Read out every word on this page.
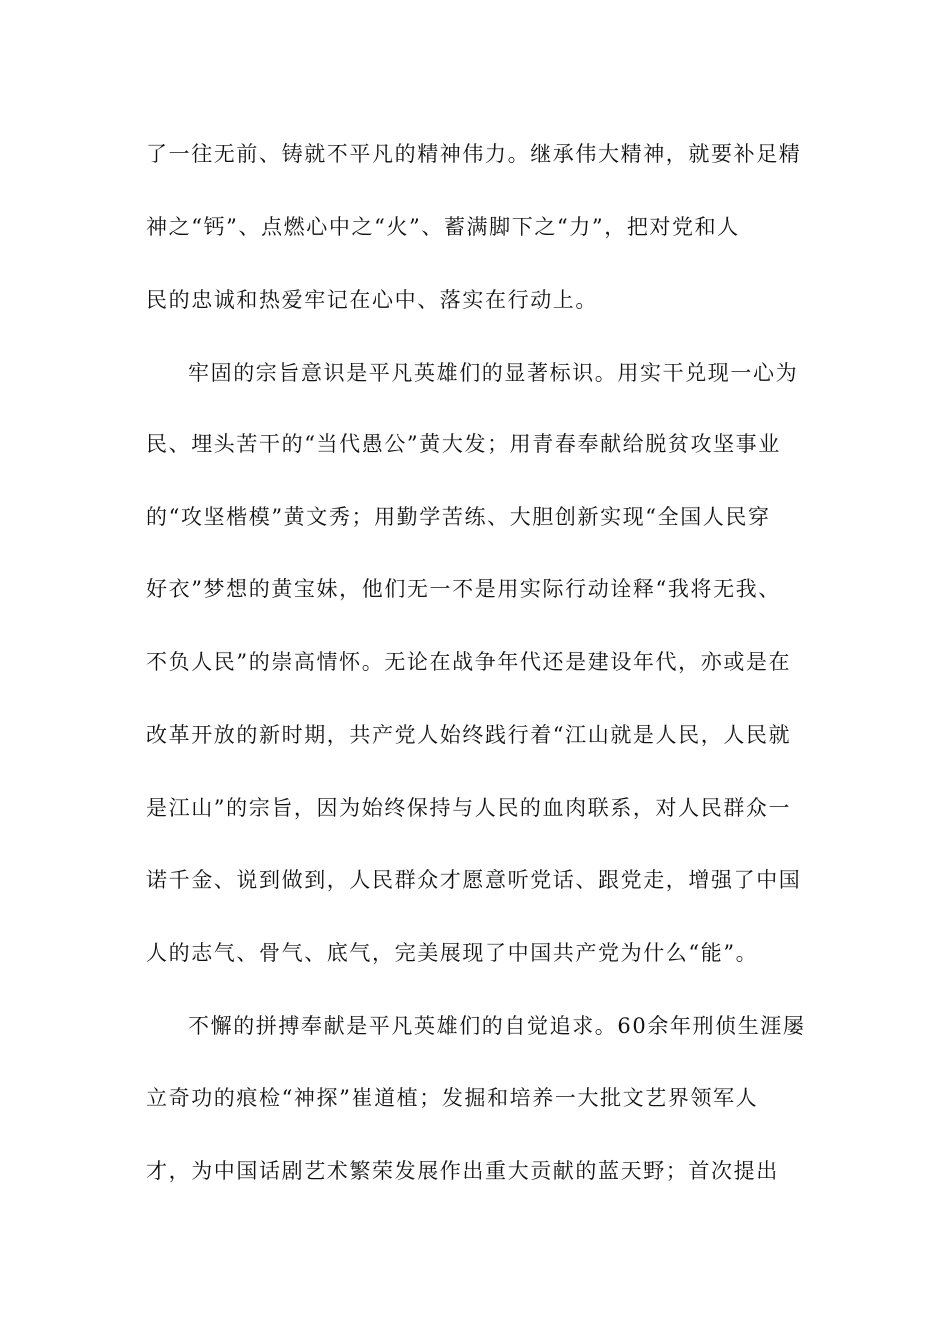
了一往无前、铸就不平凡的精神伟力。继承伟大精神，就要补足精
神之“钙”、点燃心中之“火”、蓄满脚下之“力”，把对党和人
民的忠诚和热爱牢记在心中、落实在行动上。
牢固的宗旨意识是平凡英雄们的显著标识。用实干兑现一心为
民、埋头苦干的“当代愚公”黄大发；用青春奉献给脱贫攻坚事业
的“攻坚楷模”黄文秀；用勤学苦练、大胆创新实现“全国人民穿
好衣”梦想的黄宝妹，他们无一不是用实际行动诠释“我将无我、
不负人民”的崇高情怀。无论在战争年代还是建设年代，亦或是在
改革开放的新时期，共产党人始终践行着“江山就是人民，人民就
是江山”的宗旨，因为始终保持与人民的血肉联系，对人民群众一
诺千金、说到做到，人民群众才愿意听党话、跟党走，增强了中国
人的志气、骨气、底气，完美展现了中国共产党为什么“能”。
不懈的拼搏奉献是平凡英雄们的自觉追求。60余年刑侦生涯屡
立奇功的痕检“神探”崔道植；发掘和培养一大批文艺界领军人
才，为中国话剧艺术繁荣发展作出重大贡献的蓝天野；首次提出
